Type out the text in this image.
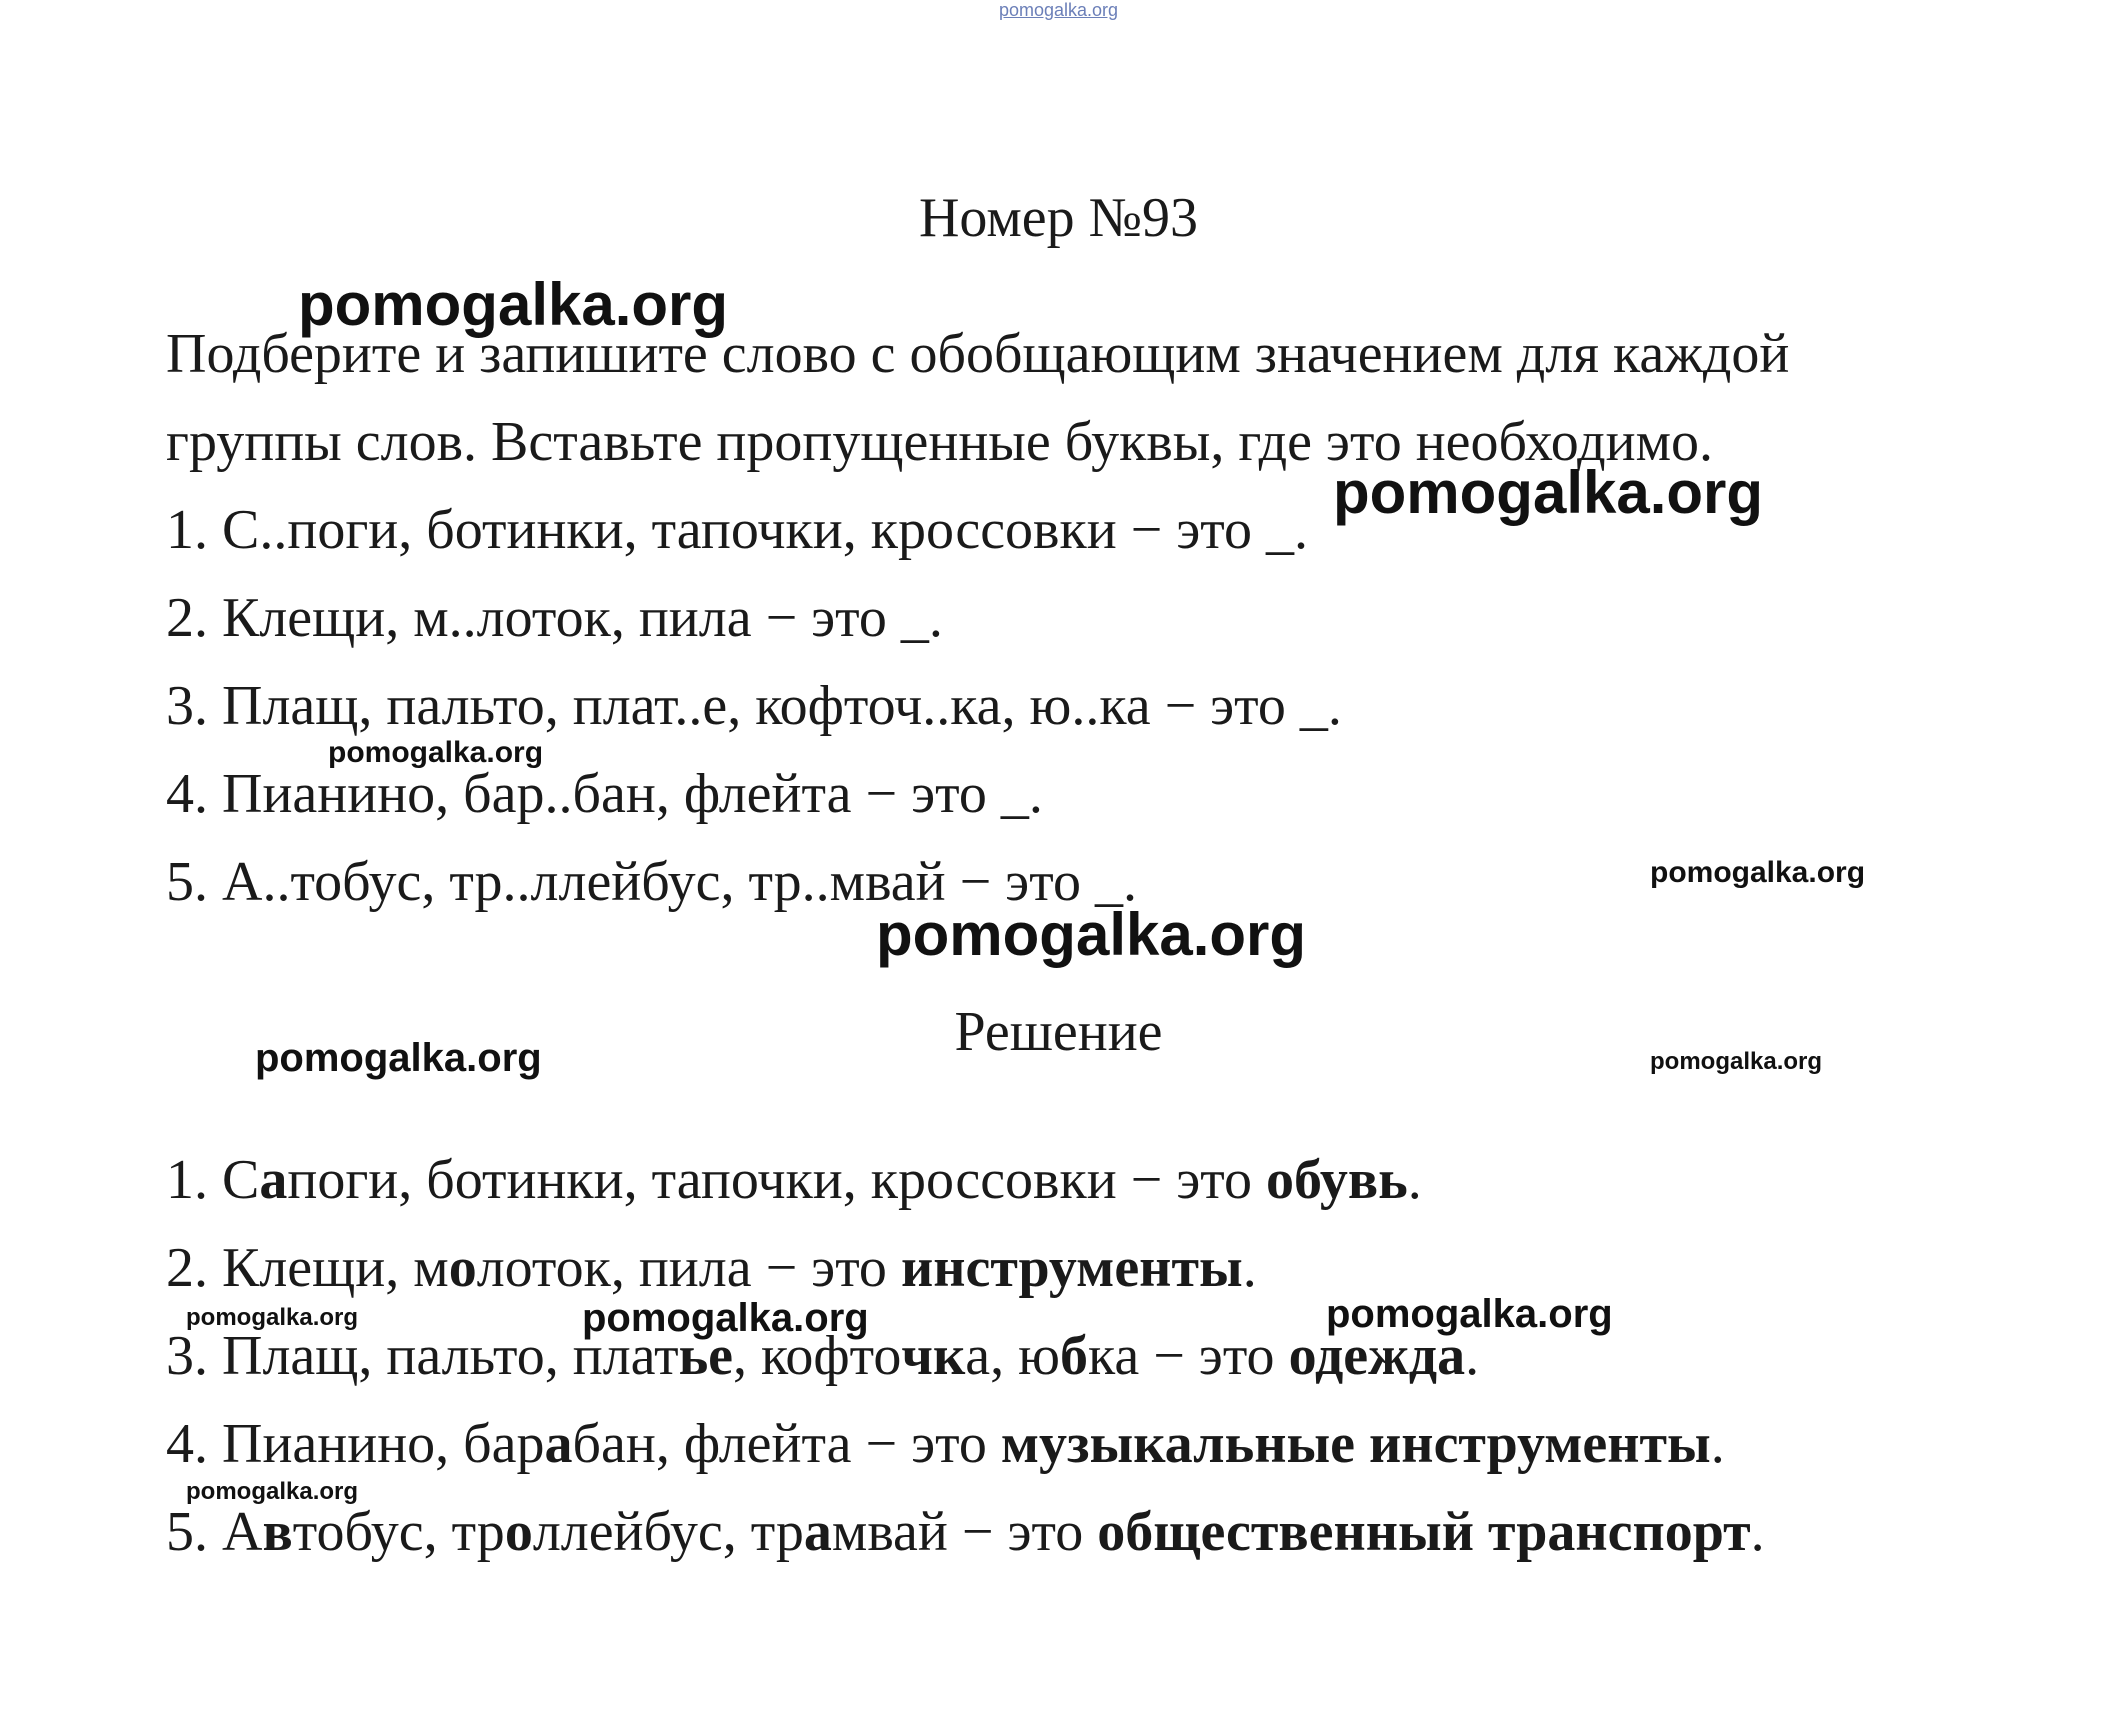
pomogalka.org
Номер №93
Подберите и запишите слово с обобщающим значением для каждой
группы слов. Вставьте пропущенные буквы, где это необходимо.
1. С..поги, ботинки, тапочки, кроссовки − это _.
2. Клещи, м..лоток, пила − это _.
3. Плащ, пальто, плат..е, кофточ..ка, ю..ка − это _.
4. Пианино, бар..бан, флейта − это _.
5. А..тобус, тр..ллейбус, тр..мвай − это _.
Решение
1. Сапоги, ботинки, тапочки, кроссовки − это обувь.
2. Клещи, молоток, пила − это инструменты.
3. Плащ, пальто, платье, кофточка, юбка − это одежда.
4. Пианино, барабан, флейта − это музыкальные инструменты.
5. Автобус, троллейбус, трамвай − это общественный транспорт.
pomogalka.org
pomogalka.org
pomogalka.org
pomogalka.org
pomogalka.org
pomogalka.org	pomogalka.org
pomogalka.org	pomogalka.org	pomogalka.org
pomogalka.org
